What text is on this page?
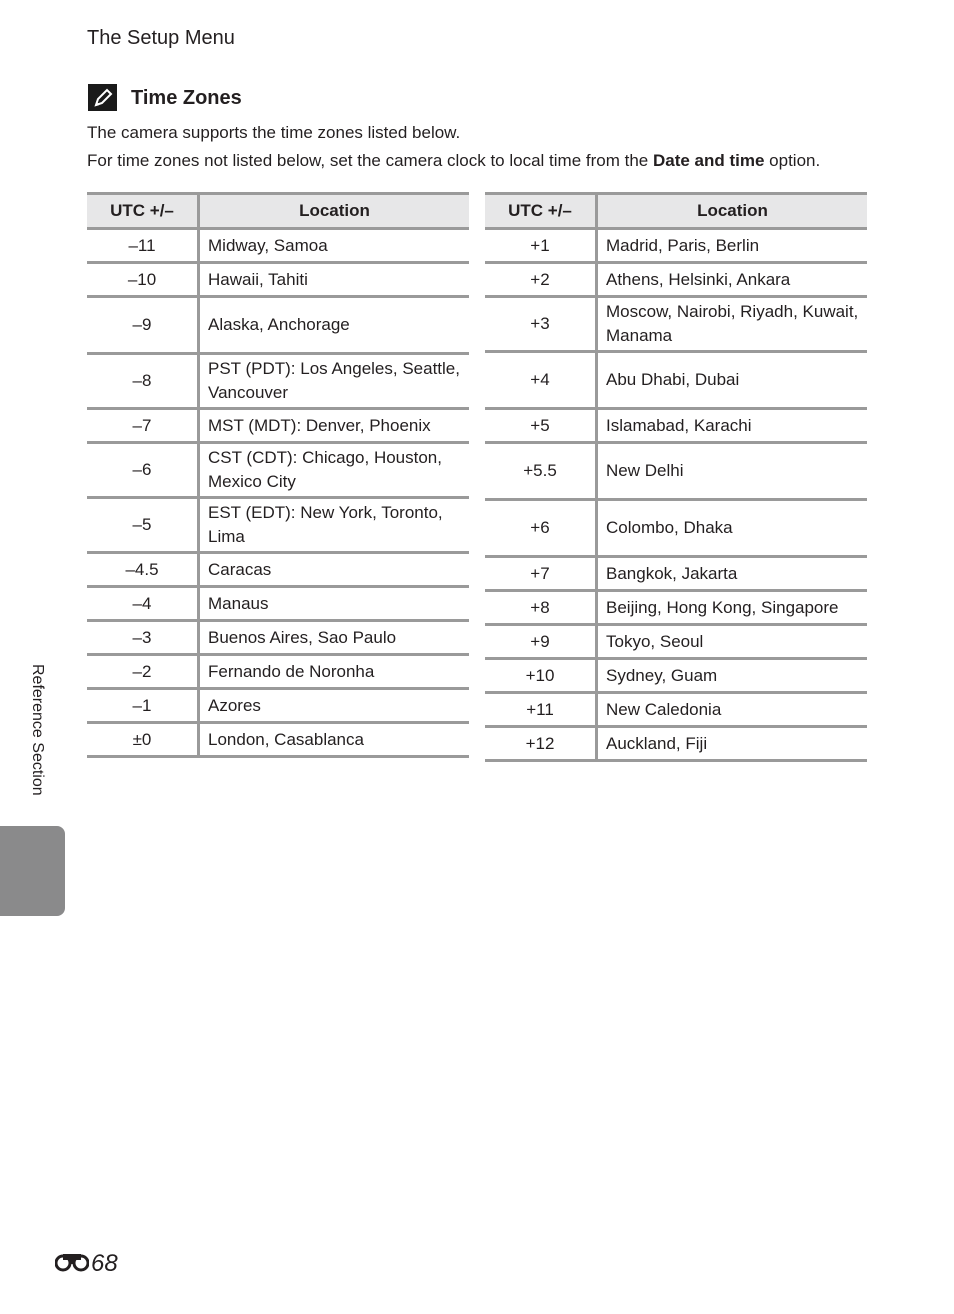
The Setup Menu
Time Zones
The camera supports the time zones listed below.
For time zones not listed below, set the camera clock to local time from the Date and time option.
UTC +/–	Location
–11	Midway, Samoa
–10	Hawaii, Tahiti
–9	Alaska, Anchorage
–8	PST (PDT): Los Angeles, Seattle, Vancouver
–7	MST (MDT): Denver, Phoenix
–6	CST (CDT): Chicago, Houston, Mexico City
–5	EST (EDT): New York, Toronto, Lima
–4.5	Caracas
–4	Manaus
–3	Buenos Aires, Sao Paulo
–2	Fernando de Noronha
–1	Azores
±0	London, Casablanca
UTC +/–	Location
+1	Madrid, Paris, Berlin
+2	Athens, Helsinki, Ankara
+3	Moscow, Nairobi, Riyadh, Kuwait, Manama
+4	Abu Dhabi, Dubai
+5	Islamabad, Karachi
+5.5	New Delhi
+6	Colombo, Dhaka
+7	Bangkok, Jakarta
+8	Beijing, Hong Kong, Singapore
+9	Tokyo, Seoul
+10	Sydney, Guam
+11	New Caledonia
+12	Auckland, Fiji
Reference Section
68
